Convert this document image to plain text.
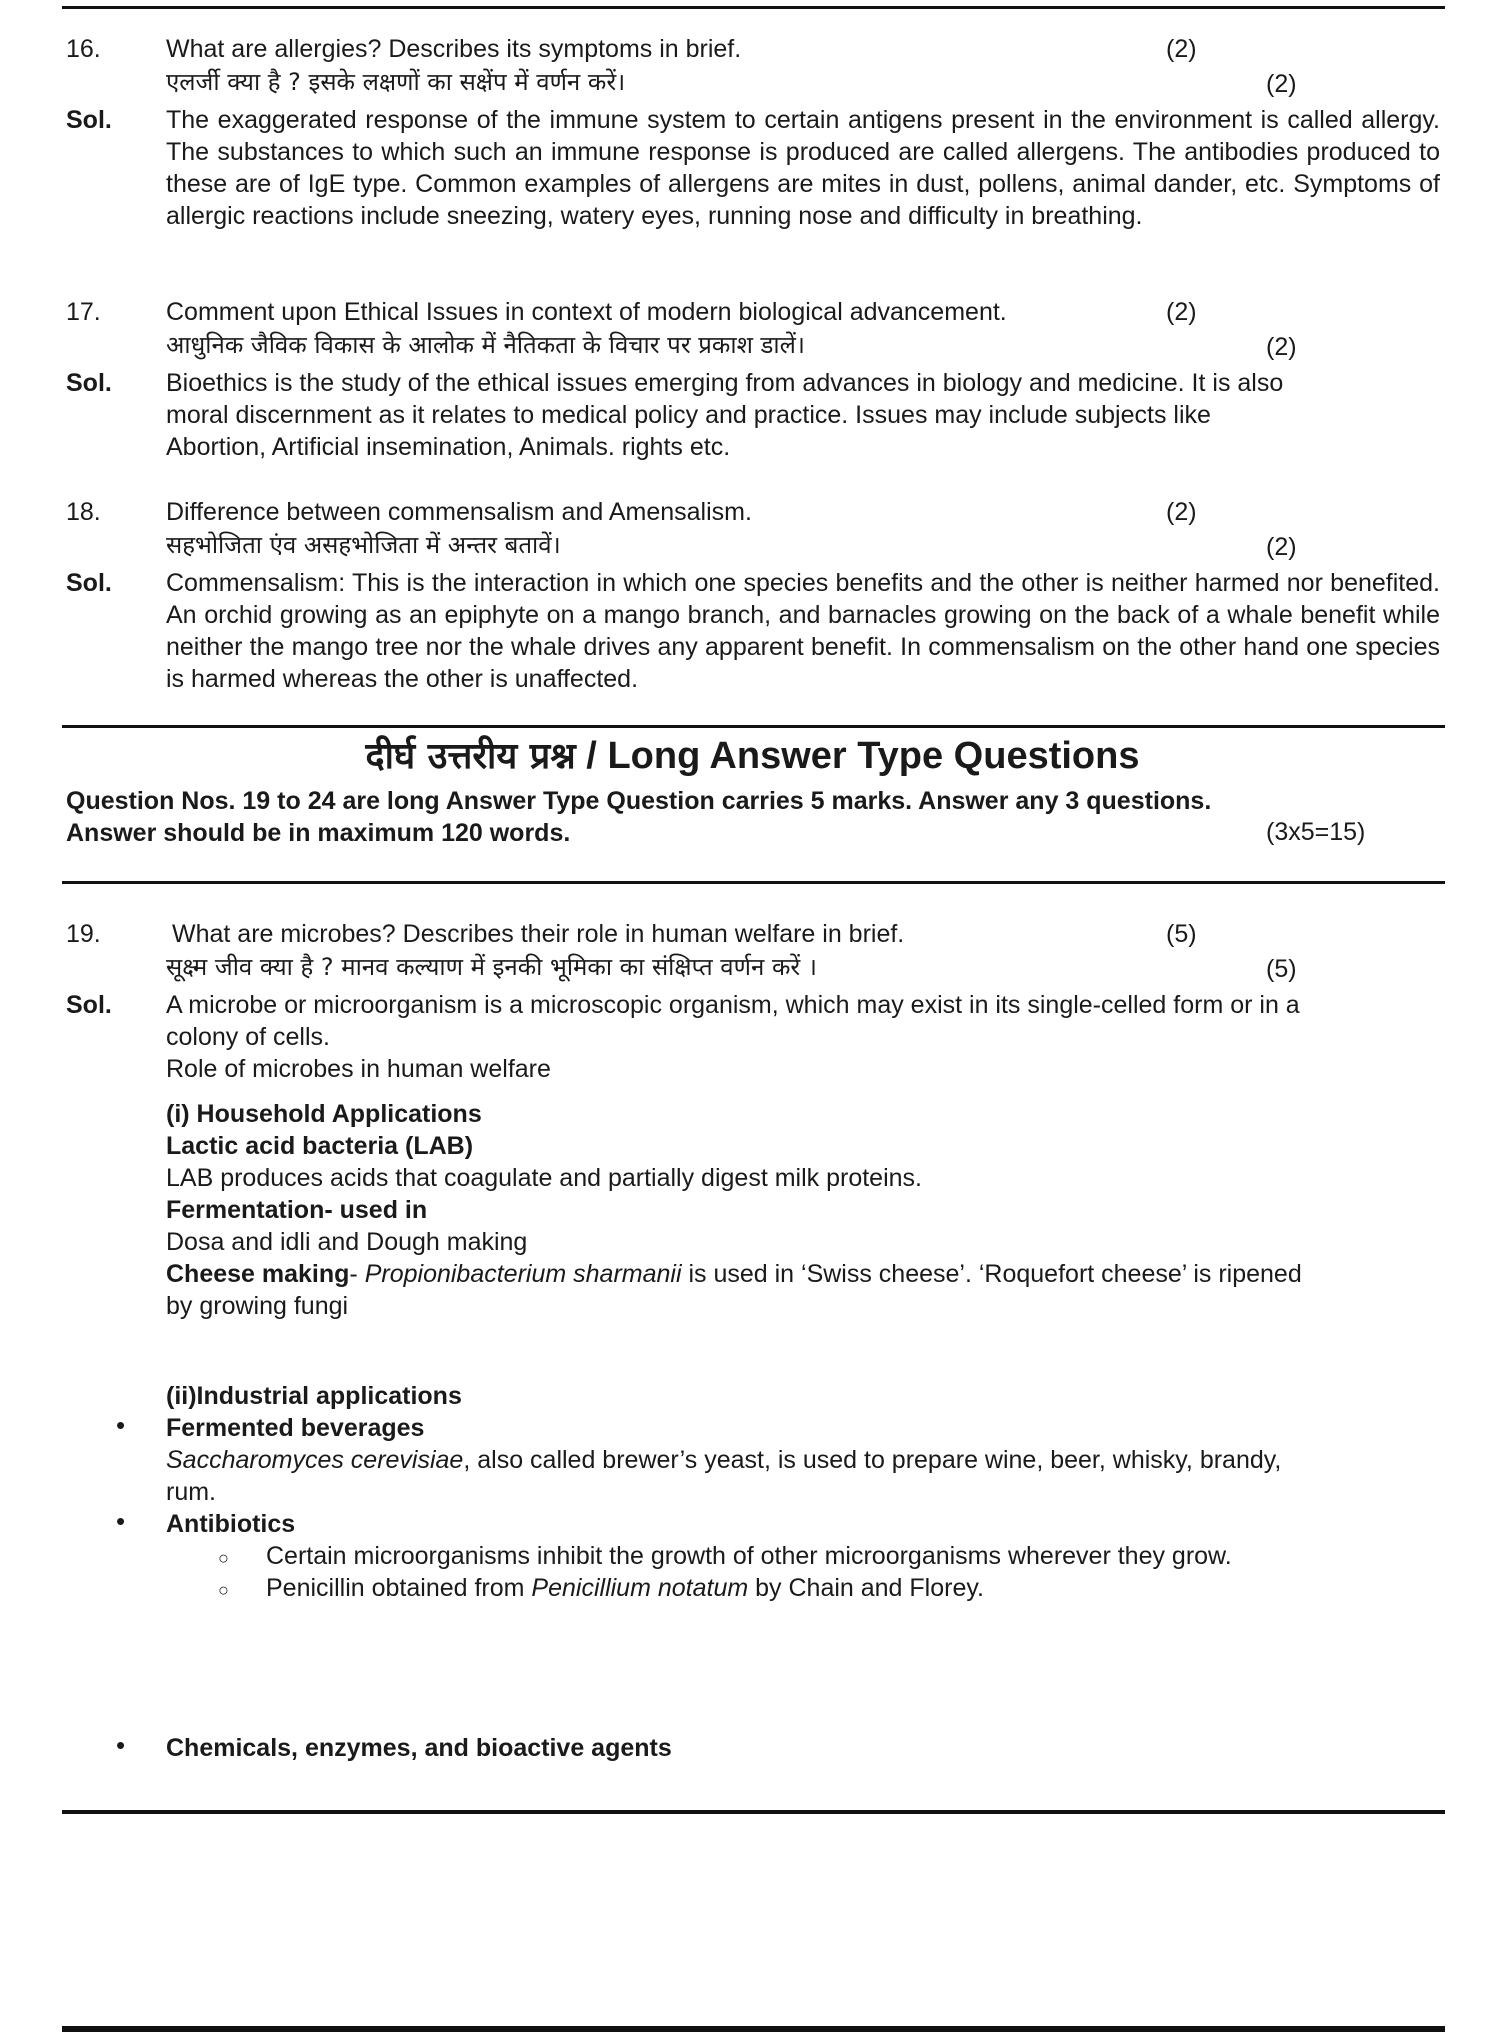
16.	What are allergies? Describes its symptoms in brief.	(2)
एलर्जी क्या है ? इसके लक्षणों का सक्षेंप में वर्णन करें।	(2)
Sol. The exaggerated response of the immune system to certain antigens present in the environment is called allergy. The substances to which such an immune response is produced are called allergens. The antibodies produced to these are of IgE type. Common examples of allergens are mites in dust, pollens, animal dander, etc. Symptoms of allergic reactions include sneezing, watery eyes, running nose and difficulty in breathing.
17.	Comment upon Ethical Issues in context of modern biological advancement.	(2)
आधुनिक जैविक विकास के आलोक में नैतिकता के विचार पर प्रकाश डालें।	(2)
Sol. Bioethics is the study of the ethical issues emerging from advances in biology and medicine. It is also
moral discernment as it relates to medical policy and practice. Issues may include subjects like
Abortion, Artificial insemination, Animals. rights etc.
18.	Difference between commensalism and Amensalism.	(2)
सहभोजिता एंव असहभोजिता में अन्तर बतावें।	(2)
Sol. Commensalism: This is the interaction in which one species benefits and the other is neither harmed nor benefited. An orchid growing as an epiphyte on a mango branch, and barnacles growing on the back of a whale benefit while neither the mango tree nor the whale drives any apparent benefit. In commensalism on the other hand one species is harmed whereas the other is unaffected.
दीर्घ उत्तरीय प्रश्न / Long Answer Type Questions
Question Nos. 19 to 24 are long Answer Type Question carries 5 marks. Answer any 3 questions.
Answer should be in maximum 120 words.	(3x5=15)
19.	What are microbes? Describes their role in human welfare in brief.	(5)
सूक्ष्म जीव क्या है ? मानव कल्याण में इनकी भूमिका का संक्षिप्त वर्णन करें ।	(5)
Sol. A microbe or microorganism is a microscopic organism, which may exist in its single-celled form or in a
colony of cells.
Role of microbes in human welfare
(i) Household Applications
Lactic acid bacteria (LAB)
LAB produces acids that coagulate and partially digest milk proteins.
Fermentation- used in
Dosa and idli and Dough making
Cheese making- Propionibacterium sharmanii is used in ‘Swiss cheese’. ‘Roquefort cheese’ is ripened
by growing fungi
(ii)Industrial applications
• Fermented beverages
Saccharomyces cerevisiae, also called brewer’s yeast, is used to prepare wine, beer, whisky, brandy,
rum.
• Antibiotics
○ Certain microorganisms inhibit the growth of other microorganisms wherever they grow.
○ Penicillin obtained from Penicillium notatum by Chain and Florey.
• Chemicals, enzymes, and bioactive agents
